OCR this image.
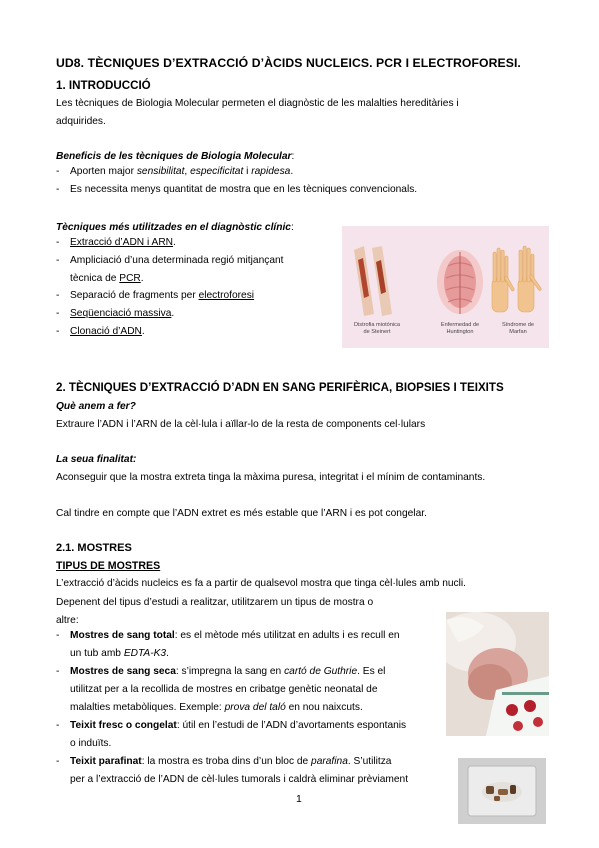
UD8. TÈCNIQUES D’EXTRACCIÓ D’ÀCIDS NUCLEICS. PCR I ELECTROFORESI.
1. INTRODUCCIÓ
Les tècniques de Biologia Molecular permeten el diagnòstic de les malalties hereditàries i
adquirides.
Beneficis de les tècniques de Biologia Molecular:
- Aporten major sensibilitat, especificitat i rapidesa.
- Es necessita menys quantitat de mostra que en les tècniques convencionals.
Tècniques més utilitzades en el diagnòstic clínic:
- Extracció d’ADN i ARN.
- Ampliciació d’una determinada regió mitjançant
tècnica de PCR.
- Separació de fragments per electroforesi
- Seqüenciació massiva.
- Clonació d’ADN.
Distrofia miotónica
de Steinert
Enfermedad de
Huntington
Síndrome de
Marfan
2. TÈCNIQUES D’EXTRACCIÓ D’ADN EN SANG PERIFÈRICA, BIOPSIES I TEIXITS
Què anem a fer?
Extraure l’ADN i l’ARN de la cèl·lula i aïllar-lo de la resta de components cel·lulars
La seua finalitat:
Aconseguir que la mostra extreta tinga la màxima puresa, integritat i el mínim de contaminants.
Cal tindre en compte que l’ADN extret es més estable que l’ARN i es pot congelar.
2.1. MOSTRES
TIPUS DE MOSTRES
L’extracció d’àcids nucleics es fa a partir de qualsevol mostra que tinga cèl·lules amb nucli.
Depenent del tipus d’estudi a realitzar, utilitzarem un tipus de mostra o
altre:
- Mostres de sang total: es el mètode més utilitzat en adults i es recull en
un tub amb EDTA-K3.
- Mostres de sang seca: s’impregna la sang en cartó de Guthrie. Es el
utilitzat per a la recollida de mostres en cribatge genètic neonatal de
malalties metabòliques. Exemple: prova del taló en nou naixcuts.
- Teixit fresc o congelat: útil en l’estudi de l’ADN d’avortaments espontanis
o induïts.
- Teixit parafinat: la mostra es troba dins d’un bloc de parafina. S’utilitza
per a l’extracció de l’ADN de cèl·lules tumorals i caldrà eliminar prèviament
1
